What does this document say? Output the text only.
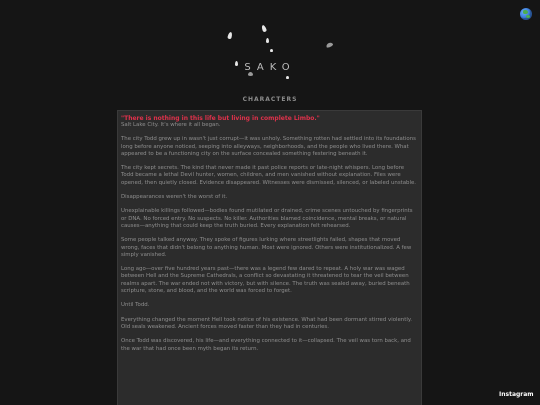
SAKO
CHARACTERS
"There is nothing in this life but living in complete Limbo."

Salt Lake City. It's where it all began.

The city Todd grew up in wasn't just corrupt—it was unholy. Something rotten had settled into its foundations long before anyone noticed, seeping into alleyways, neighborhoods, and the people who lived there. What appeared to be a functioning city on the surface concealed something festering beneath it.

The city kept secrets. The kind that never made it past police reports or late-night whispers. Long before Todd became a lethal Devil hunter, women, children, and men vanished without explanation. Files were opened, then quietly closed. Evidence disappeared. Witnesses were dismissed, silenced, or labeled unstable.

Disappearances weren't the worst of it.

Unexplainable killings followed—bodies found mutilated or drained, crime scenes untouched by fingerprints or DNA. No forced entry. No suspects. No killer. Authorities blamed coincidence, mental breaks, or natural causes—anything that could keep the truth buried. Every explanation felt rehearsed.

Some people talked anyway. They spoke of figures lurking where streetlights failed, shapes that moved wrong, faces that didn't belong to anything human. Most were ignored. Others were institutionalized. A few simply vanished.

Long ago—over five hundred years past—there was a legend few dared to repeat. A holy war was waged between Hell and the Supreme Cathedrals, a conflict so devastating it threatened to tear the veil between realms apart. The war ended not with victory, but with silence. The truth was sealed away, buried beneath scripture, stone, and blood, and the world was forced to forget.

Until Todd.

Everything changed the moment Hell took notice of his existence. What had been dormant stirred violently. Old seals weakened. Ancient forces moved faster than they had in centuries.

Once Todd was discovered, his life—and everything connected to it—collapsed. The veil was torn back, and the war that had once been myth began its return.

Instagram
